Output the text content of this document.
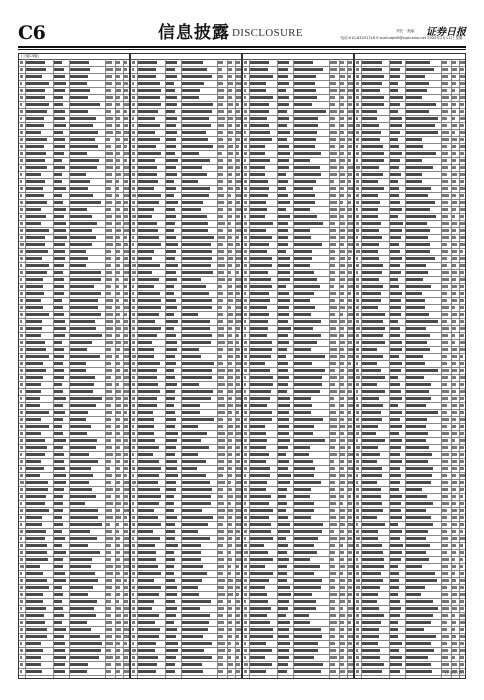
C6	信息披露 DISCLOSURE	责任 · 美编 证券日报
电话:010-83251716 E-mail:zqrb9@zqrb.sina.net 2020年2月11日 星期二
(上接C5版)
(下转C7版)
